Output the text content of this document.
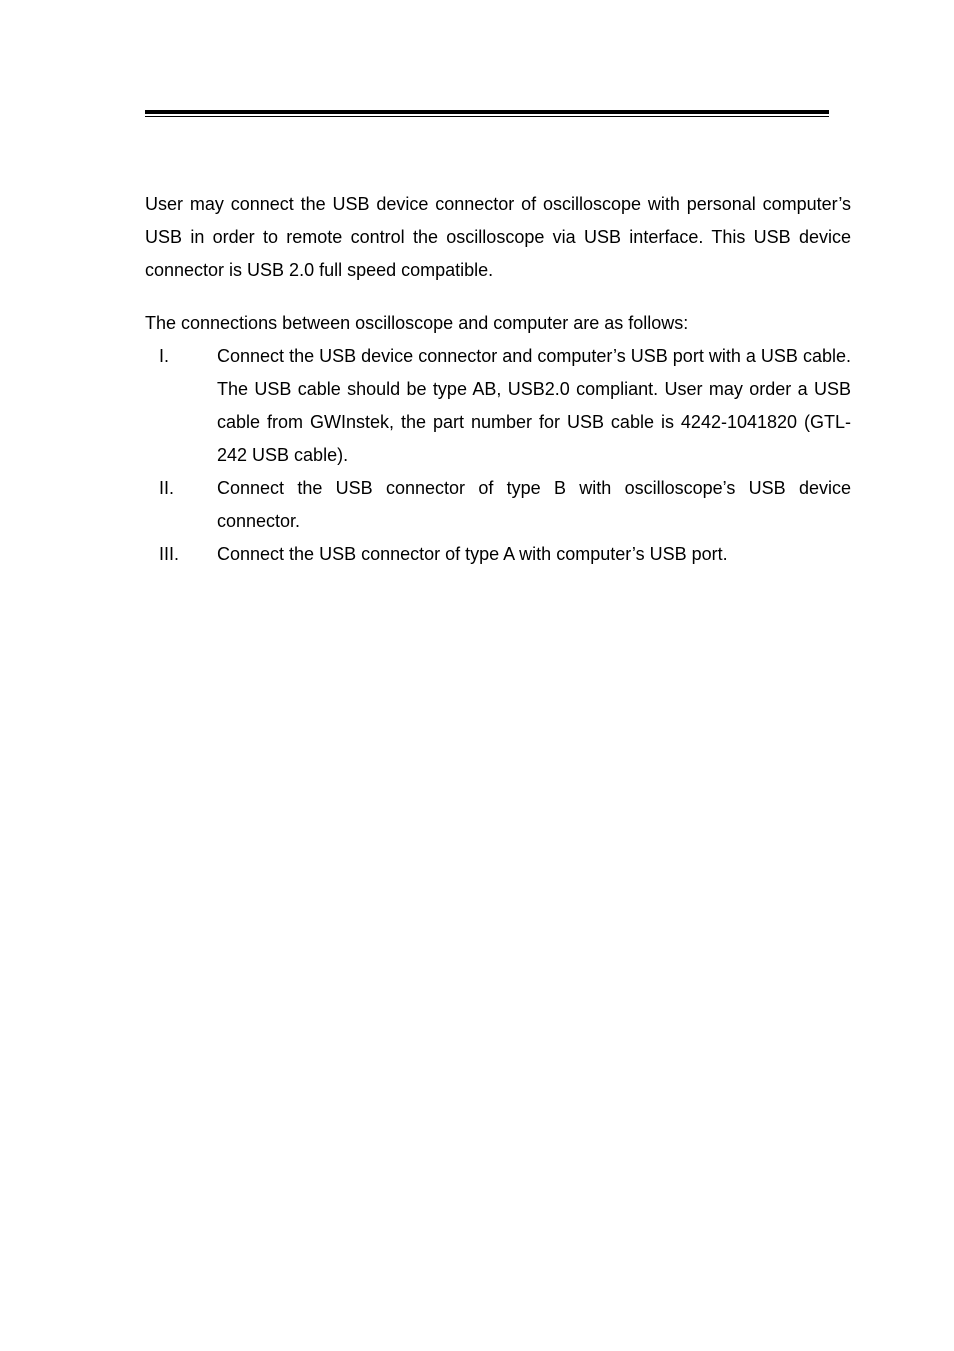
User may connect the USB device connector of oscilloscope with personal computer’s USB in order to remote control the oscilloscope via USB interface. This USB device connector is USB 2.0 full speed compatible.

The connections between oscilloscope and computer are as follows:

I.	Connect the USB device connector and computer’s USB port with a USB cable. The USB cable should be type AB, USB2.0 compliant. User may order a USB cable from GWInstek, the part number for USB cable is 4242-1041820 (GTL-242 USB cable).
II.	Connect the USB connector of type B with oscilloscope’s USB device connector.
III.	Connect the USB connector of type A with computer’s USB port.
